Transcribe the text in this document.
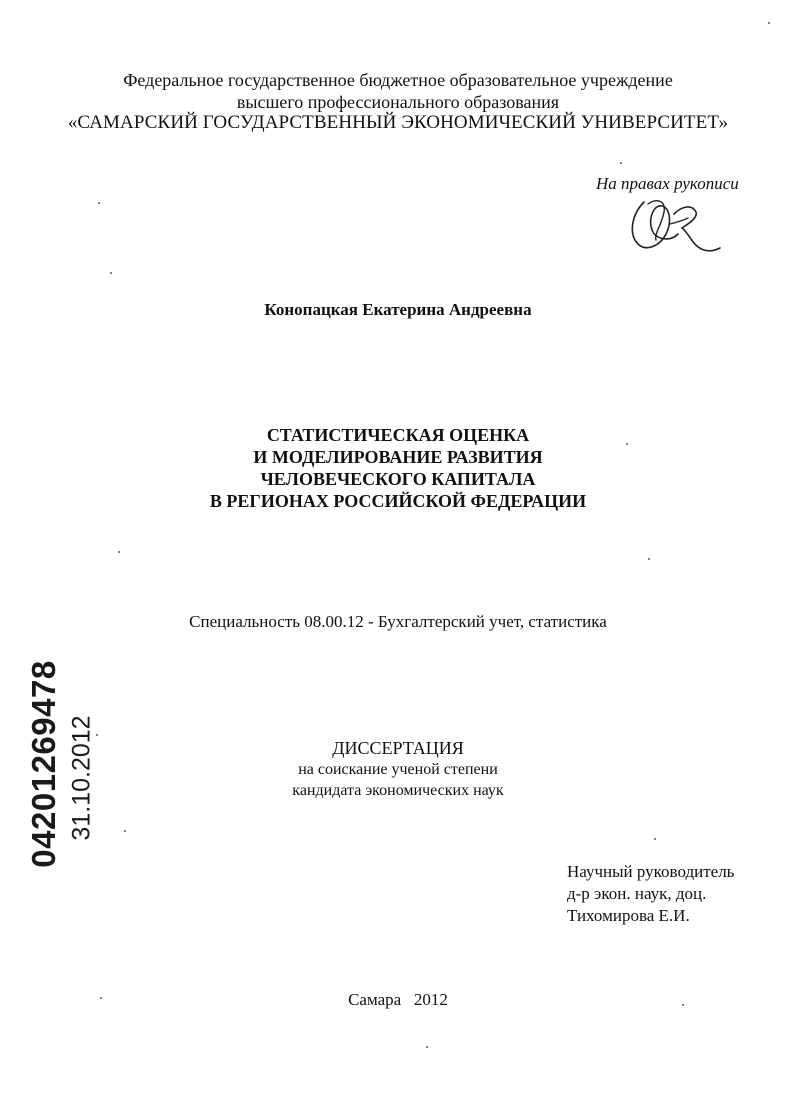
Федеральное государственное бюджетное образовательное учреждение
высшего профессионального образования
«САМАРСКИЙ ГОСУДАРСТВЕННЫЙ ЭКОНОМИЧЕСКИЙ УНИВЕРСИТЕТ»
На правах рукописи
Конопацкая Екатерина Андреевна
СТАТИСТИЧЕСКАЯ ОЦЕНКА
И МОДЕЛИРОВАНИЕ РАЗВИТИЯ
ЧЕЛОВЕЧЕСКОГО КАПИТАЛА
В РЕГИОНАХ РОССИЙСКОЙ ФЕДЕРАЦИИ
Специальность 08.00.12 - Бухгалтерский учет, статистика
ДИССЕРТАЦИЯ
на соискание ученой степени
кандидата экономических наук
Научный руководитель
д-р экон. наук, доц.
Тихомирова Е.И.
Самара   2012
04201269478 31.10.2012
